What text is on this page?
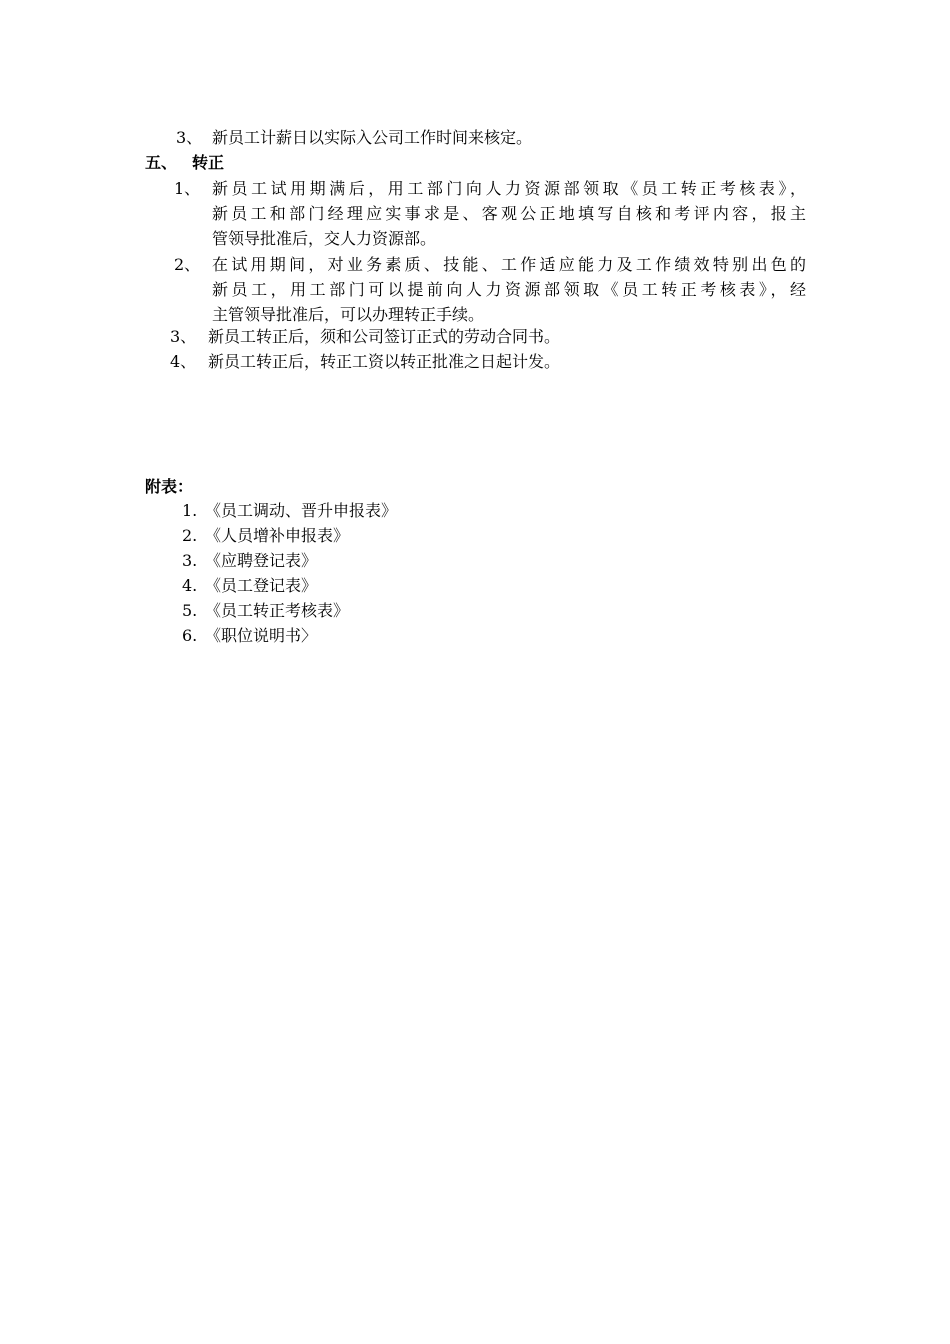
3、 新员工计薪日以实际入公司工作时间来核定。
五、 转正
1、 新员工试用期满后，用工部门向人力资源部领取《员工转正考核表》，
新员工和部门经理应实事求是、客观公正地填写自核和考评内容，报主
管领导批准后，交人力资源部。
2、 在试用期间，对业务素质、技能、工作适应能力及工作绩效特别出色的
新员工，用工部门可以提前向人力资源部领取《员工转正考核表》，经
主管领导批准后，可以办理转正手续。
3、 新员工转正后，须和公司签订正式的劳动合同书。
4、 新员工转正后，转正工资以转正批准之日起计发。
附表：
1. 《员工调动、晋升申报表》
2. 《人员增补申报表》
3. 《应聘登记表》
4. 《员工登记表》
5. 《员工转正考核表》
6. 《职位说明书〉
